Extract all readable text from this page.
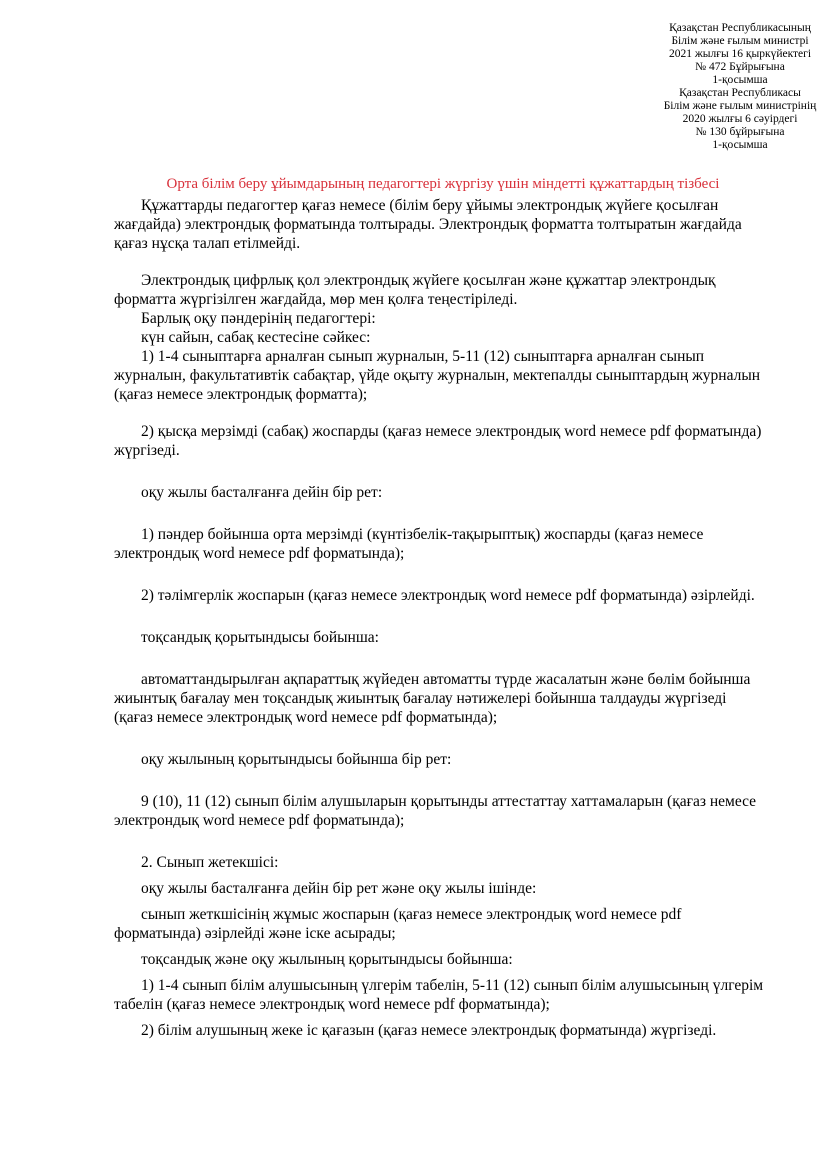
Қазақстан Республикасының
Білім және ғылым министрі
2021 жылғы 16 қыркүйектегі
№ 472 Бұйрығына
1-қосымша
Қазақстан Республикасы
Білім және ғылым министрінің
2020 жылғы 6 сәуірдегі
№ 130 бұйрығына
1-қосымша
Орта білім беру ұйымдарының педагогтері жүргізу үшін міндетті құжаттардың тізбесі

Құжаттарды педагогтер қағаз немесе (білім беру ұйымы электрондық жүйеге қосылған
жағдайда) электрондық форматында толтырады. Электрондық форматта толтыратын жағдайда
қағаз нұсқа талап етілмейді.

Электрондық цифрлық қол электрондық жүйеге қосылған және құжаттар электрондық
форматта жүргізілген жағдайда, мөр мен қолға теңестіріледі.

Барлық оқу пәндерінің педагогтері:

күн сайын, сабақ кестесіне сәйкес:

1) 1-4 сыныптарға арналған сынып журналын, 5-11 (12) сыныптарға арналған сынып
журналын, факультативтік сабақтар, үйде оқыту журналын, мектепалды сыныптардың журналын
(қағаз немесе электрондық форматта);

2) қысқа мерзімді (сабақ) жоспарды (қағаз немесе электрондық word немесе pdf форматында)
жүргізеді.

оқу жылы басталғанға дейін бір рет:

1) пәндер бойынша орта мерзімді (күнтізбелік-тақырыптық) жоспарды (қағаз немесе
электрондық word немесе pdf форматында);

2) тәлімгерлік жоспарын (қағаз немесе электрондық word немесе pdf форматында) әзірлейді.

тоқсандық қорытындысы бойынша:

автоматтандырылған ақпараттық жүйеден автоматты түрде жасалатын және бөлім бойынша
жиынтық бағалау мен тоқсандық жиынтық бағалау нәтижелері бойынша талдауды жүргізеді
(қағаз немесе электрондық word немесе pdf форматында);

оқу жылының қорытындысы бойынша бір рет:

9 (10), 11 (12) сынып білім алушыларын қорытынды аттестаттау хаттамаларын (қағаз немесе
электрондық word немесе pdf форматында);

2. Сынып жетекшісі:

оқу жылы басталғанға дейін бір рет және оқу жылы ішінде:

сынып жеткшісінің жұмыс жоспарын (қағаз немесе электрондық word немесе pdf
форматында) әзірлейді және іске асырады;

тоқсандық және оқу жылының қорытындысы бойынша:

1) 1-4 сынып білім алушысының үлгерім табелін, 5-11 (12) сынып білім алушысының үлгерім
табелін (қағаз немесе электрондық word немесе pdf форматында);

2) білім алушының жеке іс қағазын (қағаз немесе электрондық форматында) жүргізеді.
